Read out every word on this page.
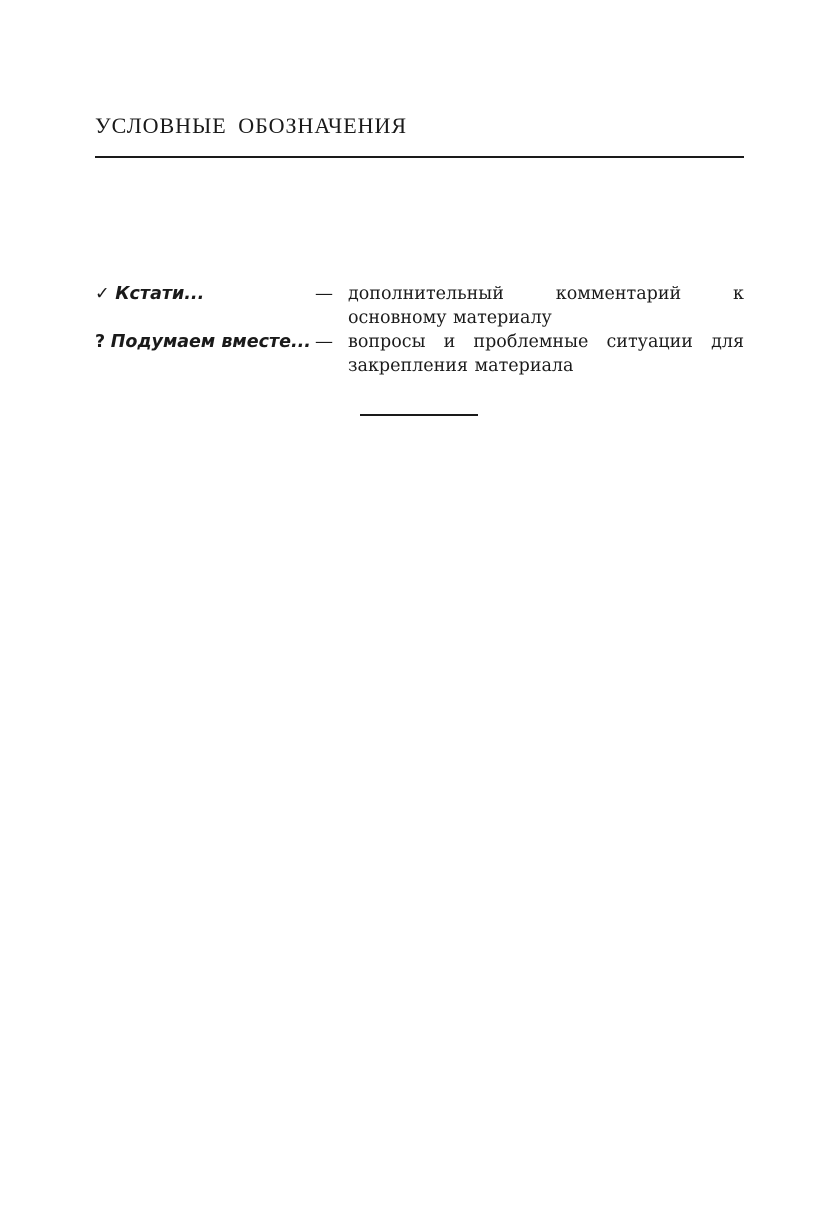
УСЛОВНЫЕ ОБОЗНАЧЕНИЯ
✓ Кстати...	— дополнительный комментарий к основному материалу

? Подумаем вместе... — вопросы и проблемные ситуации для закрепления материала
